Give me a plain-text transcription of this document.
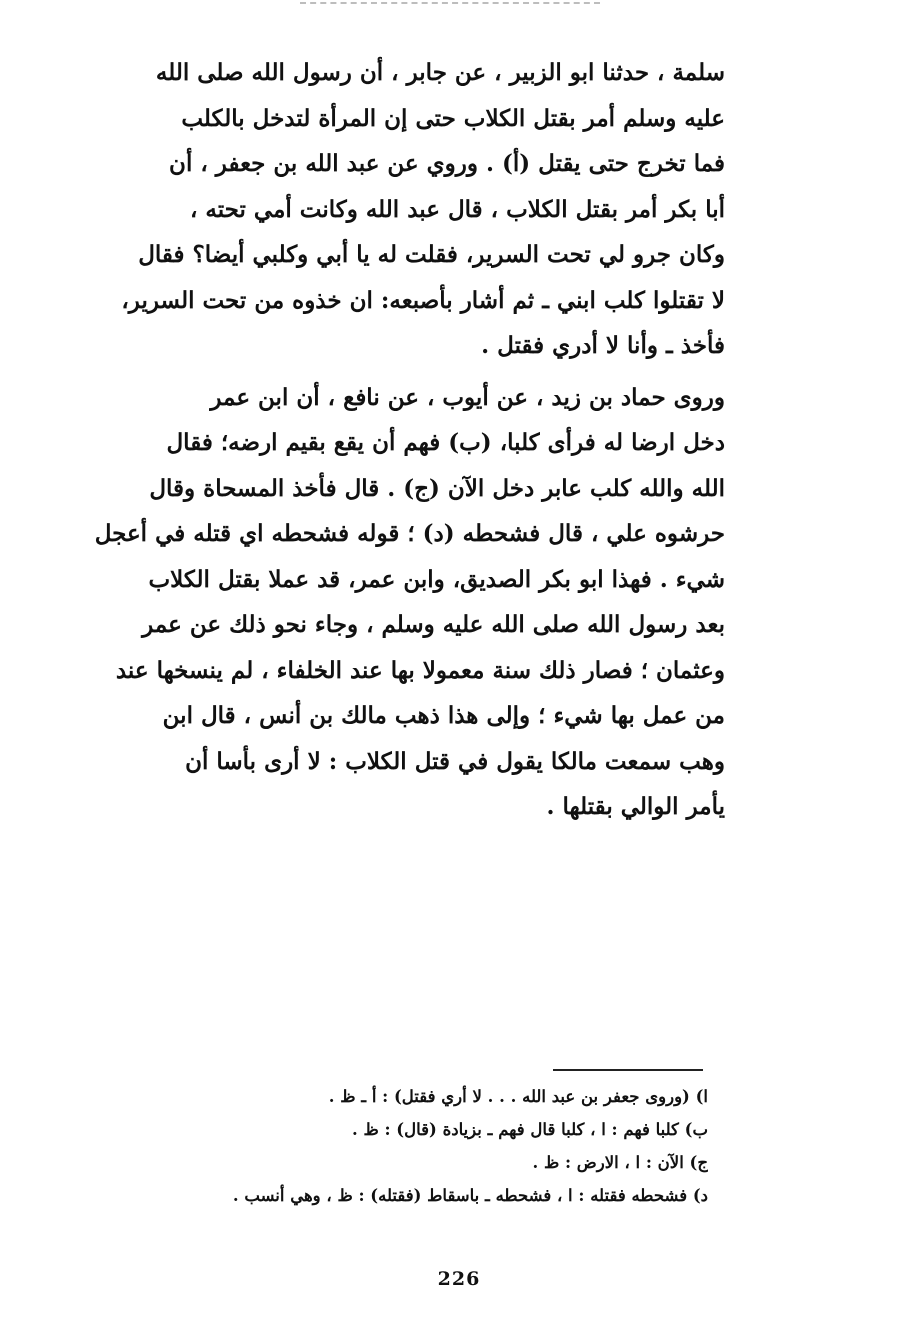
سلمة ، حدثنا ابو الزبير ، عن جابر ، أن رسول الله صلى الله
عليه وسلم أمر بقتل الكلاب حتى إن المرأة لتدخل بالكلب
فما تخرج حتى يقتل (أ) . وروي عن عبد الله بن جعفر ، أن
أبا بكر أمر بقتل الكلاب ، قال عبد الله وكانت أمي تحته ،
وكان جرو لي تحت السرير، فقلت له يا أبي وكلبي أيضا؟ فقال
لا تقتلوا كلب ابني ـ ثم أشار بأصبعه: ان خذوه من تحت السرير،
فأخذ ـ وأنا لا أدري فقتل .

وروى حماد بن زيد ، عن أيوب ، عن نافع ، أن ابن عمر
دخل ارضا له فرأى كلبا، (ب) فهم أن يقع بقيم ارضه؛ فقال
الله والله كلب عابر دخل الآن (ج) . قال فأخذ المسحاة وقال
حرشوه علي ، قال فشحطه (د) ؛ قوله فشحطه اي قتله في أعجل
شيء . فهذا ابو بكر الصديق، وابن عمر، قد عملا بقتل الكلاب
بعد رسول الله صلى الله عليه وسلم ، وجاء نحو ذلك عن عمر
وعثمان ؛ فصار ذلك سنة معمولا بها عند الخلفاء ، لم ينسخها عند
من عمل بها شيء ؛ وإلى هذا ذهب مالك بن أنس ، قال ابن
وهب سمعت مالكا يقول في قتل الكلاب : لا أرى بأسا أن
يأمر الوالي بقتلها .

ا) (وروى جعفر بن عبد الله . . . لا أري فقتل) : أ ـ ظ .
ب) كلبا فهم : ا ، كلبا قال فهم ـ بزيادة (قال) : ظ .
ج) الآن : ا ، الارض : ظ .
د) فشحطه فقتله : ا ، فشحطه ـ باسقاط (فقتله) : ظ ، وهي أنسب .
226
